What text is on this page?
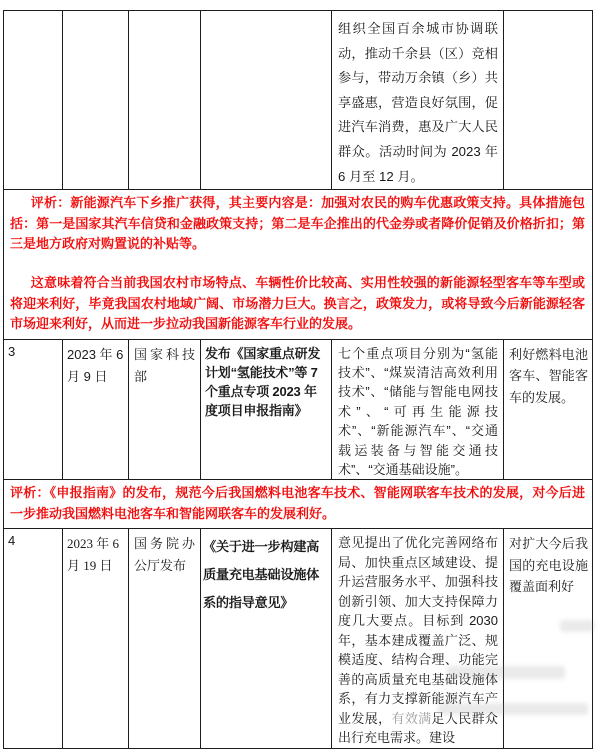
				组织全国百余城市协调联动，推动千余县（区）竞相参与，带动万余镇（乡）共享盛惠，营造良好氛围，促进汽车消费，惠及广大人民群众。活动时间为 2023 年 6 月至 12 月。	

评析：新能源汽车下乡推广获得，其主要内容是：加强对农民的购车优惠政策支持。具体措施包括：第一是国家其汽车信贷和金融政策支持；第二是车企推出的代金券或者降价促销及价格折扣；第三是地方政府对购置说的补贴等。

这意味着符合当前我国农村市场特点、车辆性价比较高、实用性较强的新能源轻型客车等车型或将迎来利好，毕竟我国农村地域广阔、市场潜力巨大。换言之，政策发力，或将导致今后新能源轻客市场迎来利好，从而进一步拉动我国新能源客车行业的发展。					

3	2023 年 6 月 9 日	国家科技部	发布《国家重点研发计划“氢能技术”等 7 个重点专项 2023 年度项目申报指南》	七个重点项目分别为“氢能技术”、“煤炭清洁高效利用技术”、“储能与智能电网技术”、“可再生能源技术”、“新能源汽车”、“交通载运装备与智能交通技术”、“交通基础设施”。	利好燃料电池客车、智能客车的发展。

评析：《申报指南》的发布，规范今后我国燃料电池客车技术、智能网联客车技术的发展，对今后进一步推动我国燃料电池客车和智能网联客车的发展利好。					

4	2023 年 6 月 19 日	国务院办公厅发布	《关于进一步构建高质量充电基础设施体系的指导意见》	意见提出了优化完善网络布局、加快重点区域建设、提升运营服务水平、加强科技创新引领、加大支持保障力度几大要点。目标到 2030 年，基本建成覆盖广泛、规模适度、结构合理、功能完善的高质量充电基础设施体系，有力支撑新能源汽车产业发展，有效满足人民群众出行充电需求。建设	对扩大今后我国的充电设施覆盖面利好
